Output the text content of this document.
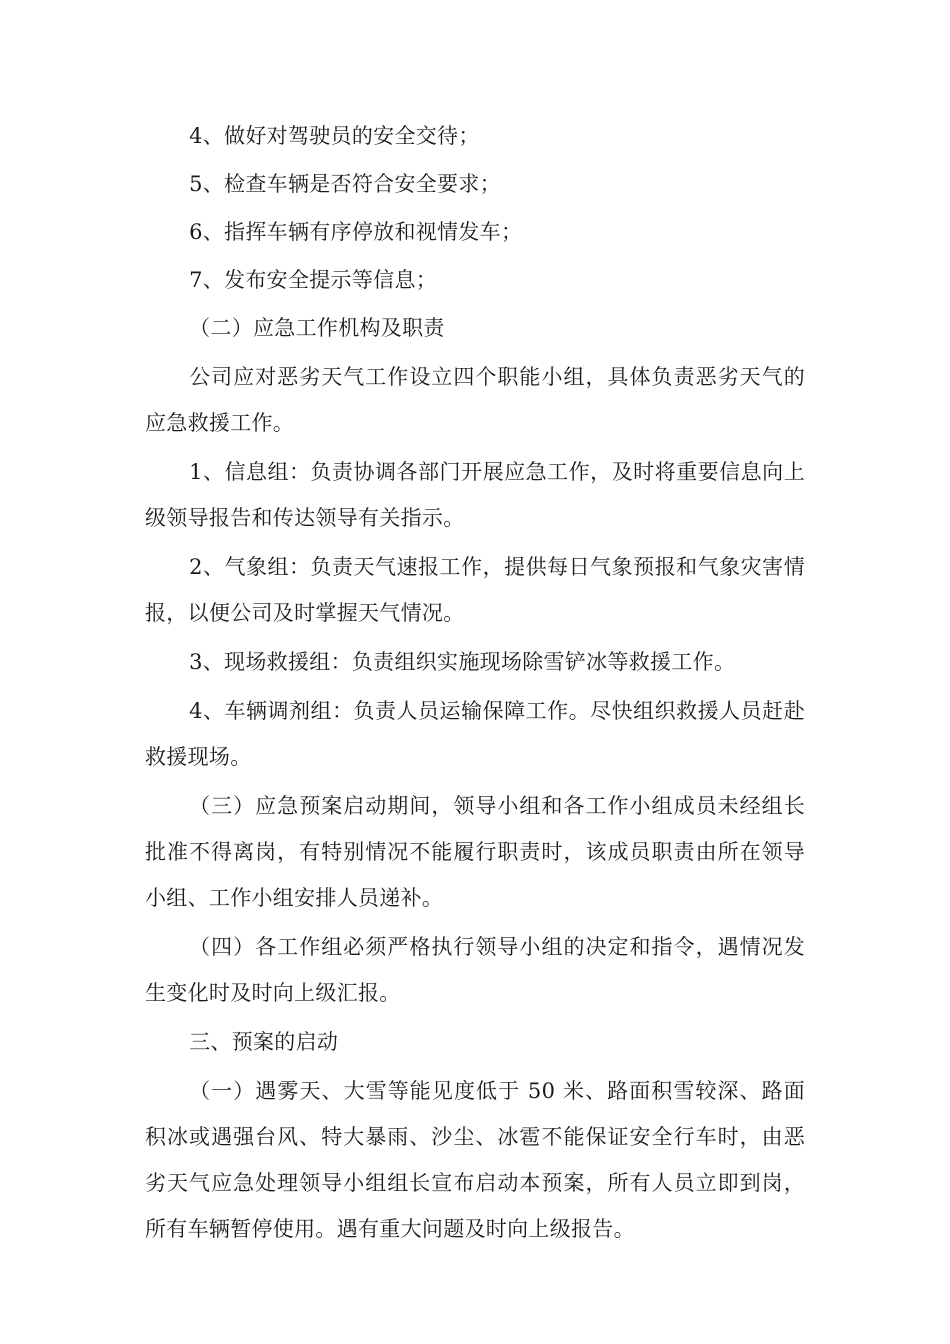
4、做好对驾驶员的安全交待；

5、检查车辆是否符合安全要求；

6、指挥车辆有序停放和视情发车；

7、发布安全提示等信息；

（二）应急工作机构及职责

公司应对恶劣天气工作设立四个职能小组，具体负责恶劣天气的应急救援工作。

1、信息组：负责协调各部门开展应急工作，及时将重要信息向上级领导报告和传达领导有关指示。

2、气象组：负责天气速报工作，提供每日气象预报和气象灾害情报，以便公司及时掌握天气情况。

3、现场救援组：负责组织实施现场除雪铲冰等救援工作。

4、车辆调剂组：负责人员运输保障工作。尽快组织救援人员赶赴救援现场。

（三）应急预案启动期间，领导小组和各工作小组成员未经组长批准不得离岗，有特别情况不能履行职责时，该成员职责由所在领导小组、工作小组安排人员递补。

（四）各工作组必须严格执行领导小组的决定和指令，遇情况发生变化时及时向上级汇报。

三、预案的启动

（一）遇雾天、大雪等能见度低于 50 米、路面积雪较深、路面积冰或遇强台风、特大暴雨、沙尘、冰雹不能保证安全行车时，由恶劣天气应急处理领导小组组长宣布启动本预案，所有人员立即到岗，所有车辆暂停使用。遇有重大问题及时向上级报告。
